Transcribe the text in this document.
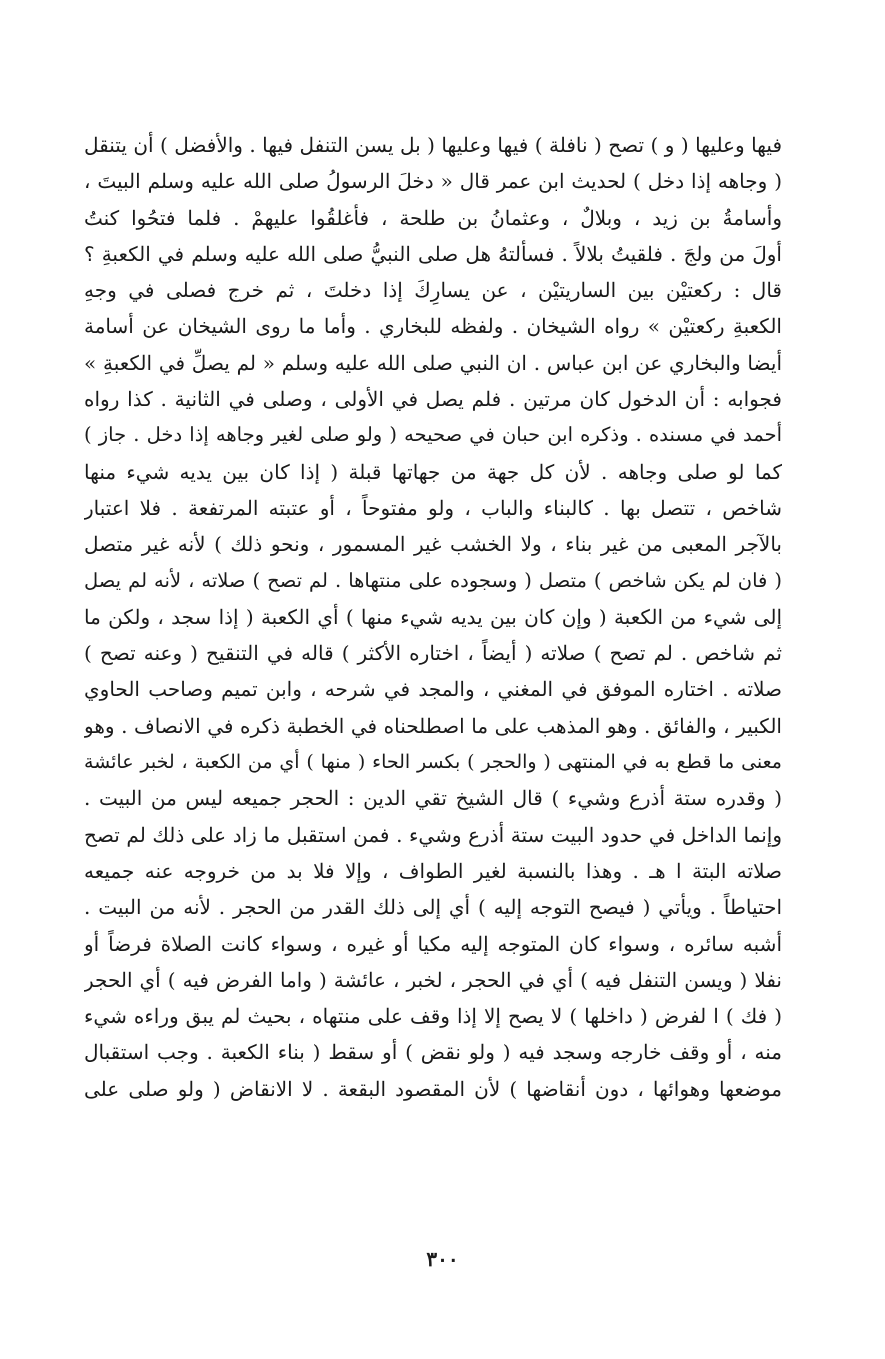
فيها وعليها ( و ) تصح ( نافلة ) فيها وعليها ( بل يسن التنفل فيها . والأفضل ) أن يتنقل
( وجاهه إذا دخل ) لحديث ابن عمر قال « دخلَ الرسولُ صلى الله عليه وسلم البيتَ ،
وأسامةُ بن زيد ، وبلالٌ ، وعثمانُ بن طلحة ، فأغلقُوا عليهمْ . فلما فتحُوا كنتُ
أولَ من ولجَ . فلقيتُ بلالاً . فسألتهُ هل صلى النبيُّ صلى الله عليه وسلم في الكعبةِ ؟
قال : ركعتيْن بين الساريتيْن ، عن يسارِكَ إذا دخلتَ ، ثم خرج فصلى في وجهِ
الكعبةِ ركعتيْن » رواه الشيخان . ولفظه للبخاري . وأما ما روى الشيخان عن أسامة
أيضا والبخاري عن ابن عباس . ان النبي صلى الله عليه وسلم « لم يصلِّ في الكعبةِ »
فجوابه : أن الدخول كان مرتين . فلم يصل في الأولى ، وصلى في الثانية . كذا رواه
أحمد في مسنده . وذكره ابن حبان في صحيحه ( ولو صلى لغير وجاهه إذا دخل . جاز )
كما لو صلى وجاهه . لأن كل جهة من جهاتها قبلة ( إذا كان بين يديه شيء منها
شاخص ، تتصل بها . كالبناء والباب ، ولو مفتوحاً ، أو عتبته المرتفعة . فلا اعتبار
بالآجر المعبى من غير بناء ، ولا الخشب غير المسمور ، ونحو ذلك ) لأنه غير متصل
( فان لم يكن شاخص ) متصل ( وسجوده على منتهاها . لم تصح ) صلاته ، لأنه لم يصل
إلى شيء من الكعبة ( وإن كان بين يديه شيء منها ) أي الكعبة ( إذا سجد ، ولكن ما
ثم شاخص . لم تصح ) صلاته ( أيضاً ، اختاره الأكثر ) قاله في التنقيح ( وعنه تصح )
صلاته . اختاره الموفق في المغني ، والمجد في شرحه ، وابن تميم وصاحب الحاوي
الكبير ، والفائق . وهو المذهب على ما اصطلحناه في الخطبة ذكره في الانصاف . وهو
معنى ما قطع به في المنتهى ( والحجر ) بكسر الحاء ( منها ) أي من الكعبة ، لخبر عائشة
( وقدره ستة أذرع وشيء ) قال الشيخ تقي الدين : الحجر جميعه ليس من البيت .
وإنما الداخل في حدود البيت ستة أذرع وشيء . فمن استقبل ما زاد على ذلك لم تصح
صلاته البتة ا هـ . وهذا بالنسبة لغير الطواف ، وإلا فلا بد من خروجه عنه جميعه
احتياطاً . ويأتي ( فيصح التوجه إليه ) أي إلى ذلك القدر من الحجر . لأنه من البيت .
أشبه سائره ، وسواء كان المتوجه إليه مكيا أو غيره ، وسواء كانت الصلاة فرضاً أو
نفلا ( ويسن التنفل فيه ) أي في الحجر ، لخبر ، عائشة ( واما الفرض فيه ) أي الحجر
( فك ) ا لفرض ( داخلها ) لا يصح إلا إذا وقف على منتهاه ، بحيث لم يبق وراءه شيء
منه ، أو وقف خارجه وسجد فيه ( ولو نقض ) أو سقط ( بناء الكعبة . وجب استقبال
موضعها وهوائها ، دون أنقاضها ) لأن المقصود البقعة . لا الانقاض ( ولو صلى على
٣٠٠
